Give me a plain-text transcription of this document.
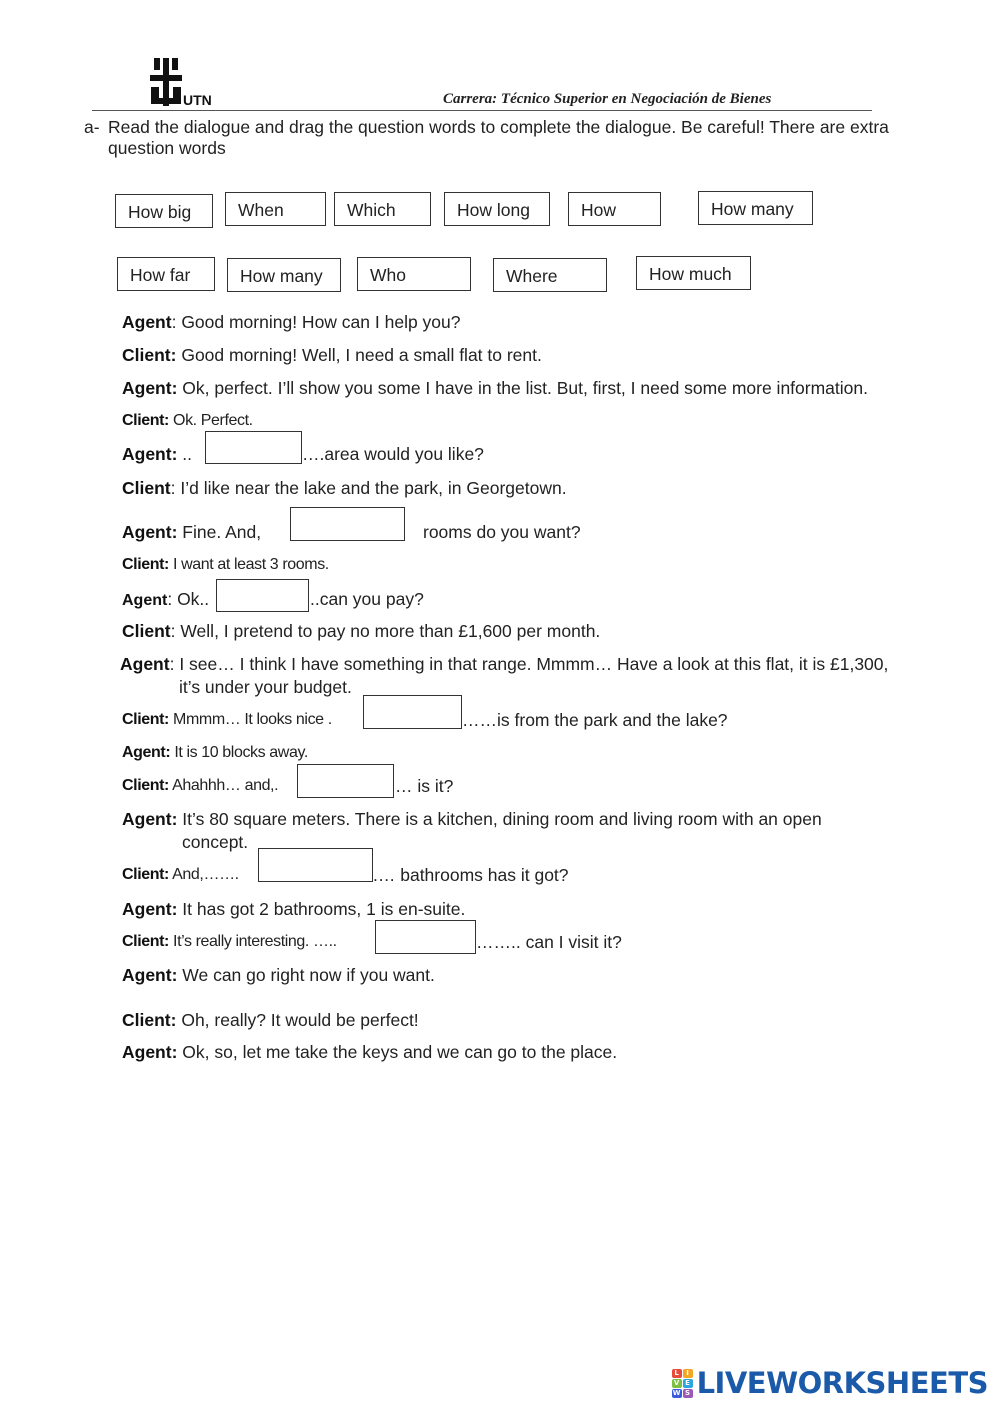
UTN	Carrera: Técnico Superior en Negociación de Bienes
a- Read the dialogue and drag the question words to complete the dialogue. Be careful! There are extra question words
How big	When	Which	How long	How	How many
How far	How many	Who	Where	How much
Agent: Good morning! How can I help you?
Client: Good morning! Well, I need a small flat to rent.
Agent: Ok, perfect. I’ll show you some I have in the list. But, first, I need some more information.
Client: Ok. Perfect.
Agent: ..	….area would you like?
Client: I’d like near the lake and the park, in Georgetown.
Agent: Fine. And,	rooms do you want?
Client: I want at least 3 rooms.
Agent: Ok..	..can you pay?
Client: Well, I pretend to pay no more than £1,600 per month.
Agent: I see… I think I have something in that range. Mmmm… Have a look at this flat, it is £1,300,
it’s under your budget.
Client: Mmmm… It looks nice .	……is from the park and the lake?
Agent: It is 10 blocks away.
Client: Ahahhh… and,.	… is it?
Agent: It’s 80 square meters. There is a kitchen, dining room and living room with an open
concept.
Client: And,…….	.… bathrooms has it got?
Agent: It has got 2 bathrooms, 1 is en-suite.
Client: It’s really interesting. …..	…….. can I visit it?
Agent: We can go right now if you want.
Client: Oh, really? It would be perfect!
Agent: Ok, so, let me take the keys and we can go to the place.
L	I
V E
W S LIVEWORKSHEETS
